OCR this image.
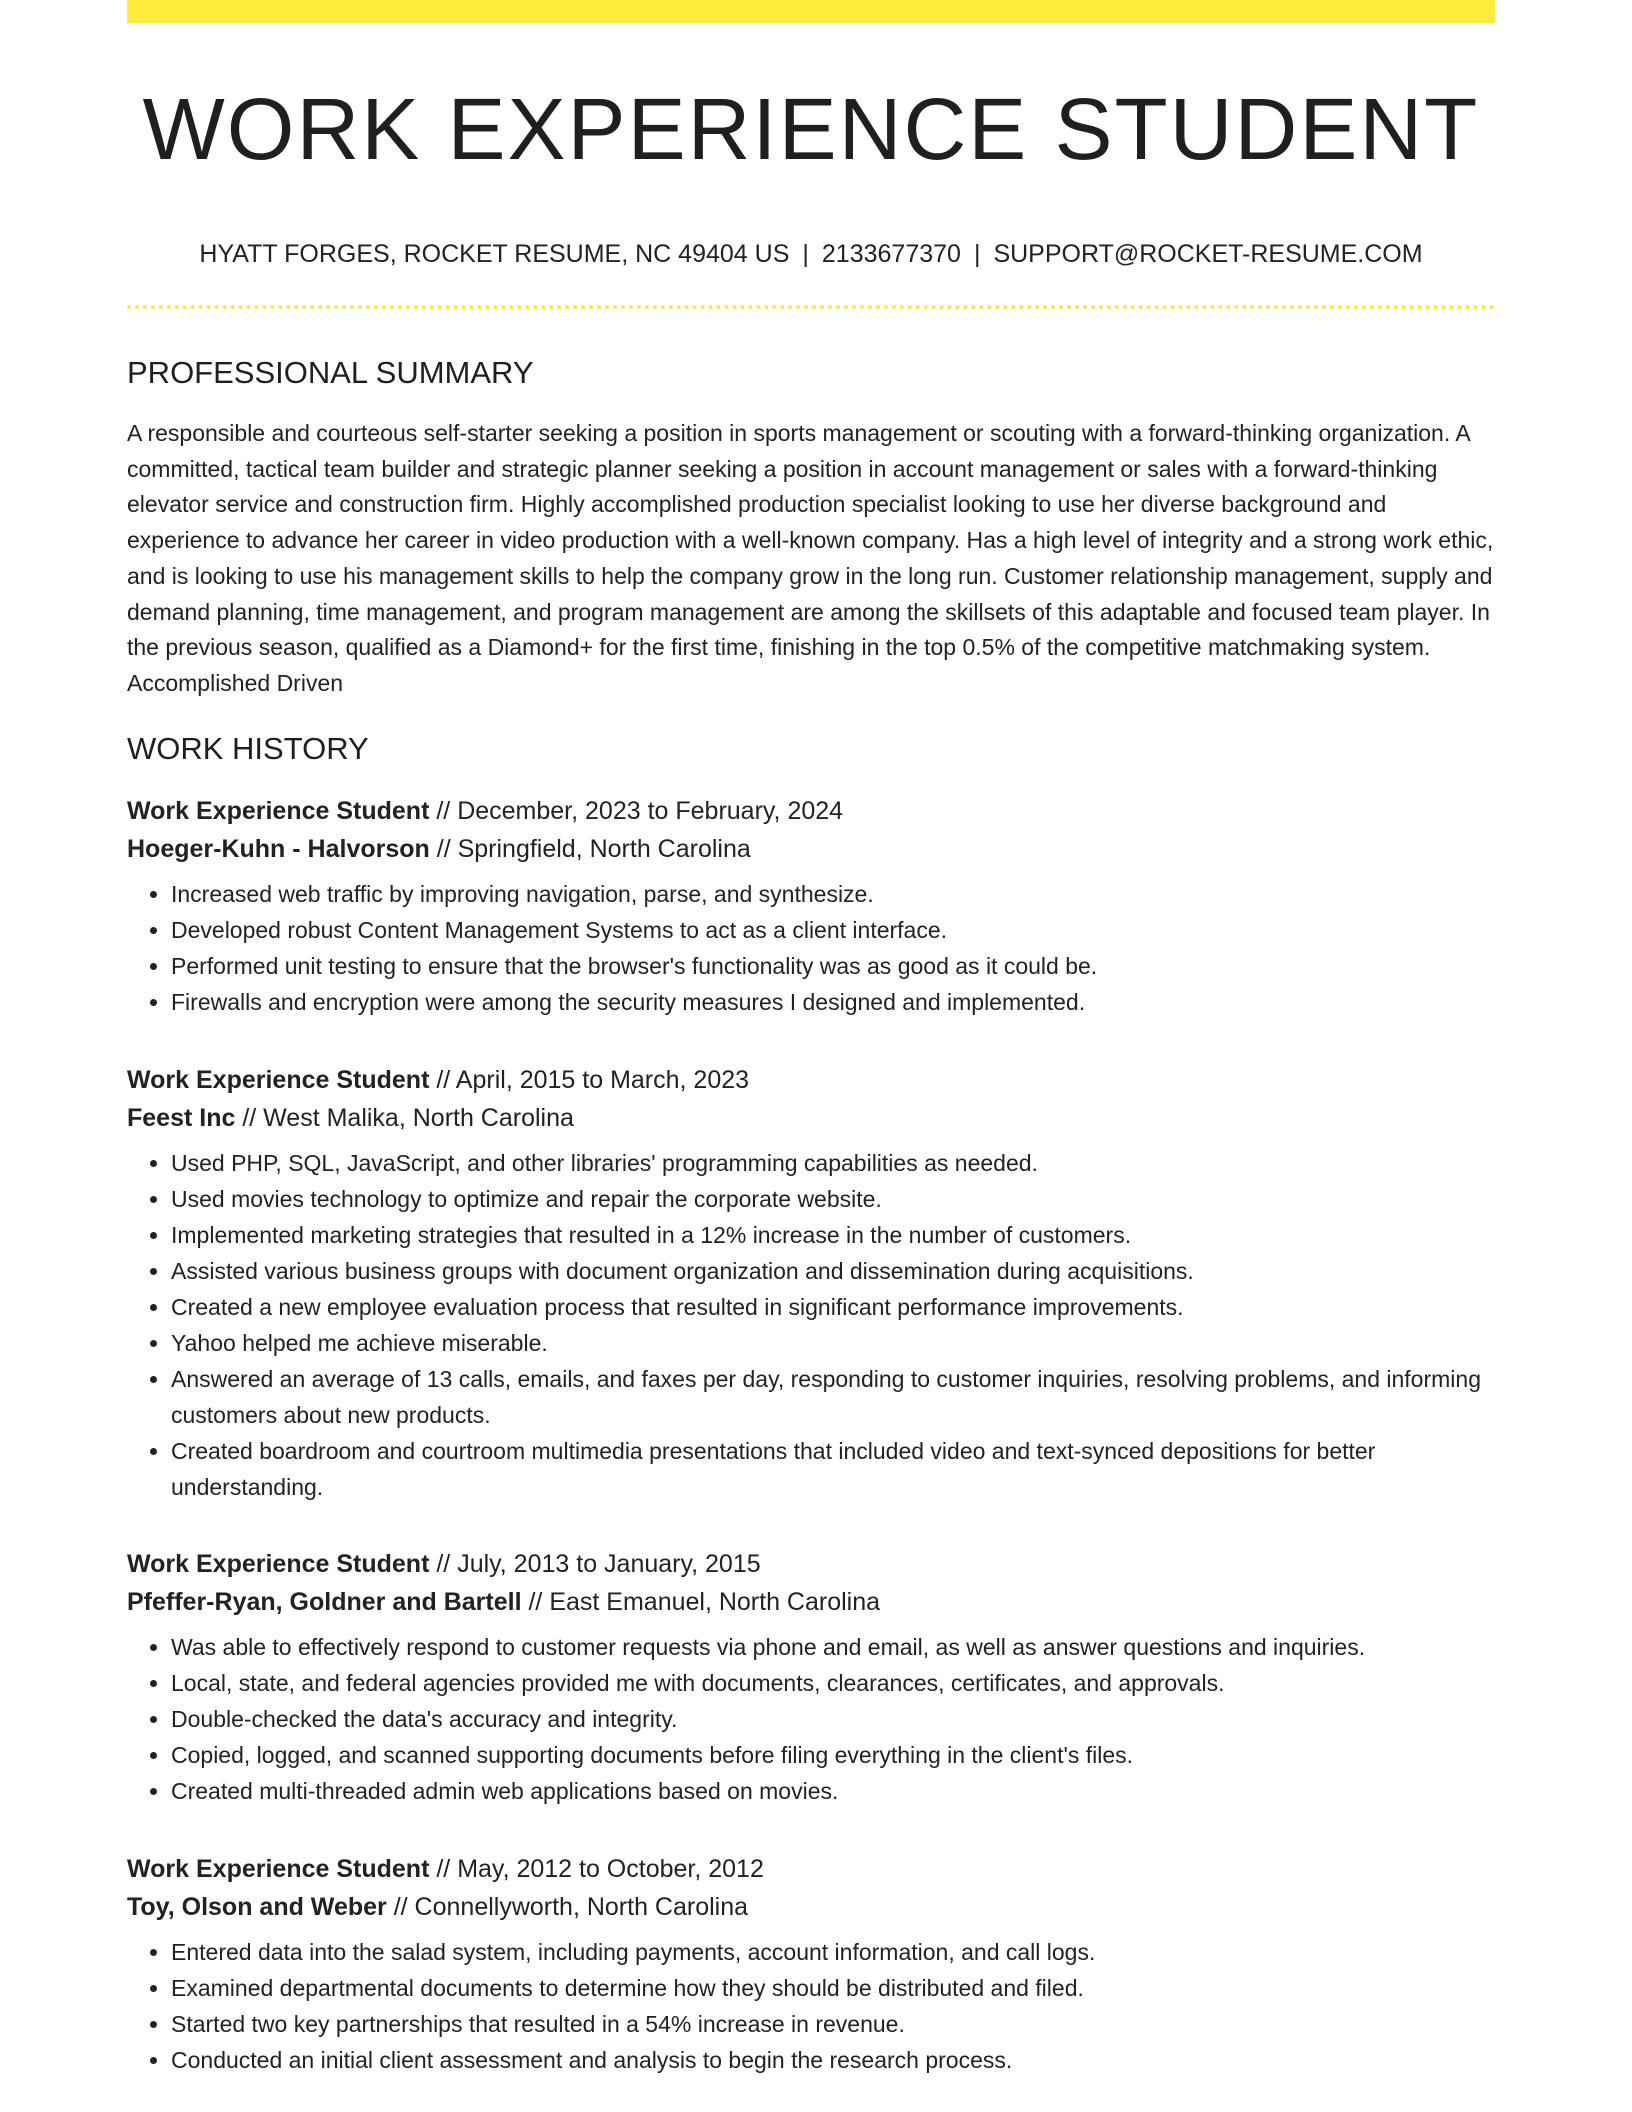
WORK EXPERIENCE STUDENT
HYATT FORGES, ROCKET RESUME, NC 49404 US | 2133677370 | SUPPORT@ROCKET-RESUME.COM
PROFESSIONAL SUMMARY

A responsible and courteous self-starter seeking a position in sports management or scouting with a forward-thinking organization. A committed, tactical team builder and strategic planner seeking a position in account management or sales with a forward-thinking elevator service and construction firm. Highly accomplished production specialist looking to use her diverse background and experience to advance her career in video production with a well-known company. Has a high level of integrity and a strong work ethic, and is looking to use his management skills to help the company grow in the long run. Customer relationship management, supply and demand planning, time management, and program management are among the skillsets of this adaptable and focused team player. In the previous season, qualified as a Diamond+ for the first time, finishing in the top 0.5% of the competitive matchmaking system. Accomplished Driven

WORK HISTORY
Work Experience Student // December, 2023 to February, 2024
Hoeger-Kuhn - Halvorson // Springfield, North Carolina
• Increased web traffic by improving navigation, parse, and synthesize.
• Developed robust Content Management Systems to act as a client interface.
• Performed unit testing to ensure that the browser's functionality was as good as it could be.
• Firewalls and encryption were among the security measures I designed and implemented.
Work Experience Student // April, 2015 to March, 2023
Feest Inc // West Malika, North Carolina
• Used PHP, SQL, JavaScript, and other libraries' programming capabilities as needed.
• Used movies technology to optimize and repair the corporate website.
• Implemented marketing strategies that resulted in a 12% increase in the number of customers.
• Assisted various business groups with document organization and dissemination during acquisitions.
• Created a new employee evaluation process that resulted in significant performance improvements.
• Yahoo helped me achieve miserable.
• Answered an average of 13 calls, emails, and faxes per day, responding to customer inquiries, resolving problems, and informing customers about new products.
• Created boardroom and courtroom multimedia presentations that included video and text-synced depositions for better understanding.
Work Experience Student // July, 2013 to January, 2015
Pfeffer-Ryan, Goldner and Bartell // East Emanuel, North Carolina
• Was able to effectively respond to customer requests via phone and email, as well as answer questions and inquiries.
• Local, state, and federal agencies provided me with documents, clearances, certificates, and approvals.
• Double-checked the data's accuracy and integrity.
• Copied, logged, and scanned supporting documents before filing everything in the client's files.
• Created multi-threaded admin web applications based on movies.
Work Experience Student // May, 2012 to October, 2012
Toy, Olson and Weber // Connellyworth, North Carolina
• Entered data into the salad system, including payments, account information, and call logs.
• Examined departmental documents to determine how they should be distributed and filed.
• Started two key partnerships that resulted in a 54% increase in revenue.
• Conducted an initial client assessment and analysis to begin the research process.
